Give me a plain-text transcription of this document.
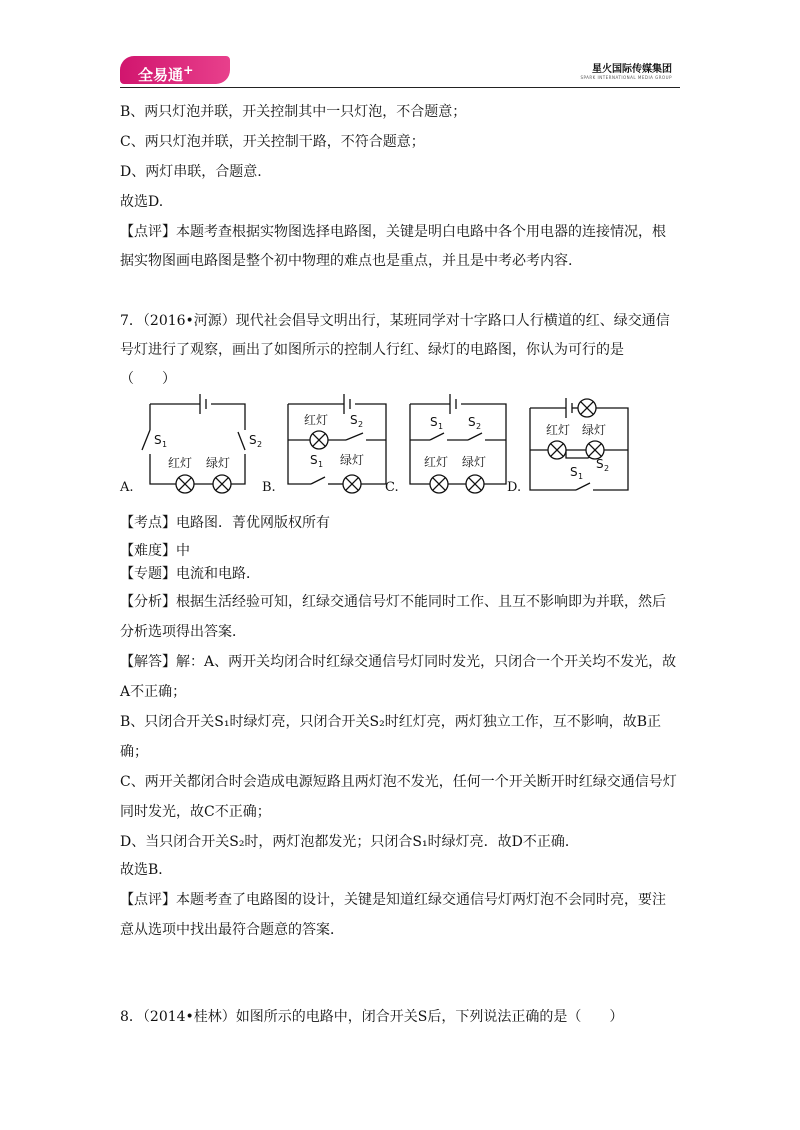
全易通+	星火国际传媒集团
SPARK INTERNATIONAL MEDIA GROUP
B、两只灯泡并联，开关控制其中一只灯泡，不合题意；
C、两只灯泡并联，开关控制干路，不符合题意；
D、两灯串联，合题意.
故选D.
【点评】本题考查根据实物图选择电路图，关键是明白电路中各个用电器的连接情况，根
据实物图画电路图是整个初中物理的难点也是重点，并且是中考必考内容.
7．（2016•河源）现代社会倡导文明出行，某班同学对十字路口人行横道的红、绿交通信
号灯进行了观察，画出了如图所示的控制人行红、绿灯的电路图，你认为可行的是
（　　）
红灯 绿灯
S 1	S 2
红灯 S 2
S 1 绿灯
S 1 S 2
红灯 绿灯
红灯 绿灯
S 2
S 1
A.	B.	C.	D.
【考点】电路图．菁优网版权所有
【难度】中
【专题】电流和电路．
【分析】根据生活经验可知，红绿交通信号灯不能同时工作、且互不影响即为并联，然后
分析选项得出答案．
【解答】解：A、两开关均闭合时红绿交通信号灯同时发光，只闭合一个开关均不发光，故
A不正确；
B、只闭合开关S₁时绿灯亮，只闭合开关S₂时红灯亮，两灯独立工作，互不影响，故B正
确；
C、两开关都闭合时会造成电源短路且两灯泡不发光，任何一个开关断开时红绿交通信号灯
同时发光，故C不正确；
D、当只闭合开关S₂时，两灯泡都发光；只闭合S₁时绿灯亮．故D不正确．
故选B．
【点评】本题考查了电路图的设计，关键是知道红绿交通信号灯两灯泡不会同时亮，要注
意从选项中找出最符合题意的答案．
8．（2014•桂林）如图所示的电路中，闭合开关S后，下列说法正确的是（　　）
